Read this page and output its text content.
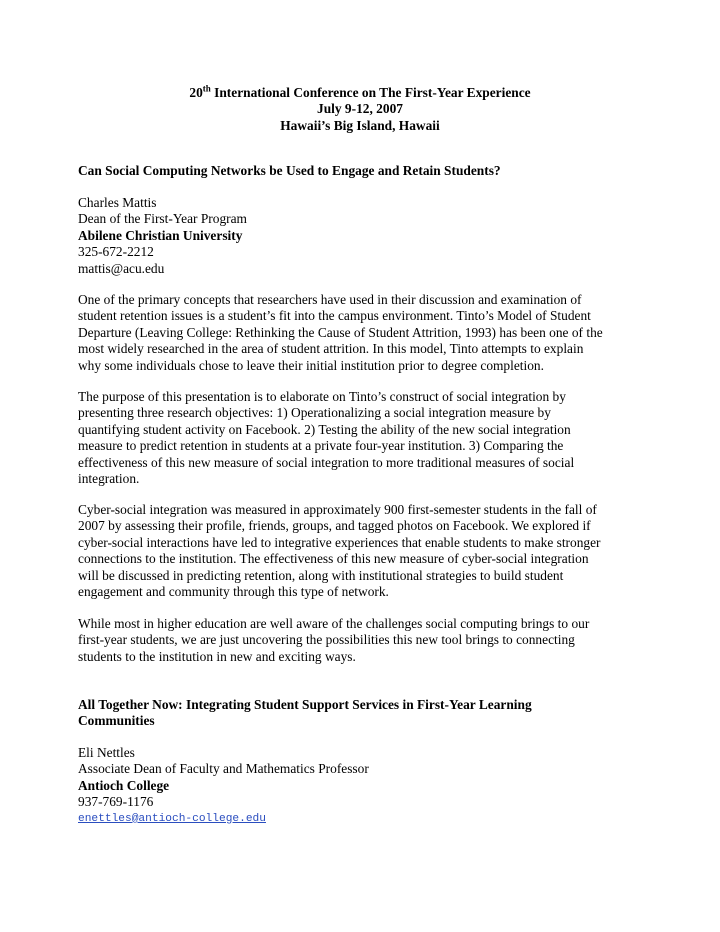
20th International Conference on The First-Year Experience
July 9-12, 2007
Hawaii’s Big Island, Hawaii
Can Social Computing Networks be Used to Engage and Retain Students?
Charles Mattis
Dean of the First-Year Program
Abilene Christian University
325-672-2212
mattis@acu.edu
One of the primary concepts that researchers have used in their discussion and examination of
student retention issues is a student’s fit into the campus environment. Tinto’s Model of Student
Departure (Leaving College: Rethinking the Cause of Student Attrition, 1993) has been one of the
most widely researched in the area of student attrition. In this model, Tinto attempts to explain
why some individuals chose to leave their initial institution prior to degree completion.
The purpose of this presentation is to elaborate on Tinto’s construct of social integration by
presenting three research objectives: 1) Operationalizing a social integration measure by
quantifying student activity on Facebook. 2) Testing the ability of the new social integration
measure to predict retention in students at a private four-year institution. 3) Comparing the
effectiveness of this new measure of social integration to more traditional measures of social
integration.
Cyber-social integration was measured in approximately 900 first-semester students in the fall of
2007 by assessing their profile, friends, groups, and tagged photos on Facebook. We explored if
cyber-social interactions have led to integrative experiences that enable students to make stronger
connections to the institution. The effectiveness of this new measure of cyber-social integration
will be discussed in predicting retention, along with institutional strategies to build student
engagement and community through this type of network.
While most in higher education are well aware of the challenges social computing brings to our
first-year students, we are just uncovering the possibilities this new tool brings to connecting
students to the institution in new and exciting ways.
All Together Now: Integrating Student Support Services in First-Year Learning
Communities
Eli Nettles
Associate Dean of Faculty and Mathematics Professor
Antioch College
937-769-1176
enettles@antioch-college.edu
